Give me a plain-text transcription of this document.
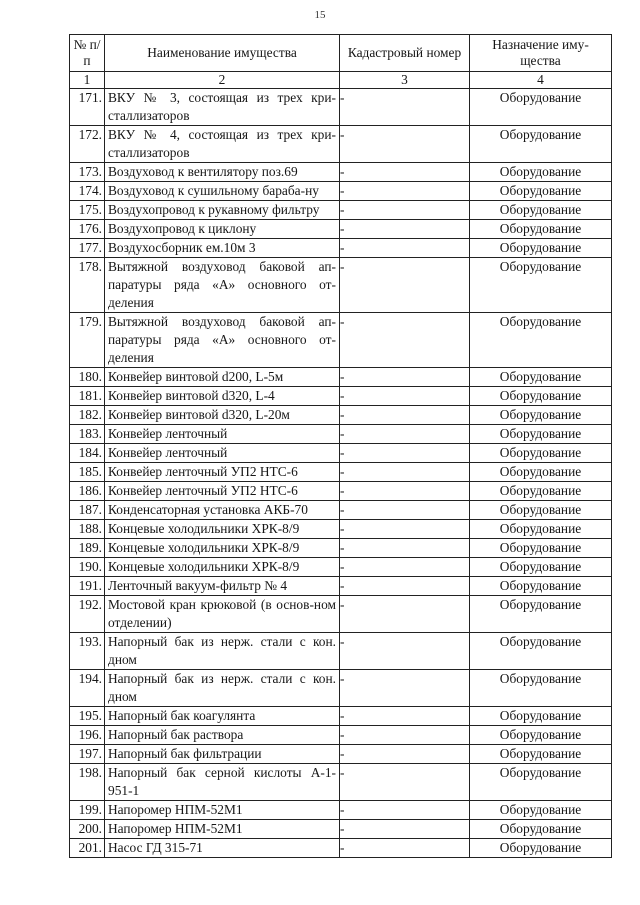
15
№ п/п	Наименование имущества	Кадастровый номер	Назначение иму-щества
1	2	3	4
171.	ВКУ № 3, состоящая из трех кри-сталлизаторов	-	Оборудование
172.	ВКУ № 4, состоящая из трех кри-сталлизаторов	-	Оборудование
173.	Воздуховод к вентилятору поз.69	-	Оборудование
174.	Воздуховод к сушильному бараба-ну	-	Оборудование
175.	Воздухопровод к рукавному фильтру	-	Оборудование
176.	Воздухопровод к циклону	-	Оборудование
177.	Воздухосборник ем.10м 3	-	Оборудование
178.	Вытяжной воздуховод баковой ап-паратуры ряда «А» основного от-деления	-	Оборудование
179.	Вытяжной воздуховод баковой ап-паратуры ряда «А» основного от-деления	-	Оборудование
180.	Конвейер винтовой d200, L-5м	-	Оборудование
181.	Конвейер винтовой d320, L-4	-	Оборудование
182.	Конвейер винтовой d320, L-20м	-	Оборудование
183.	Конвейер ленточный	-	Оборудование
184.	Конвейер ленточный	-	Оборудование
185.	Конвейер ленточный УП2 НТС-6	-	Оборудование
186.	Конвейер ленточный УП2 НТС-6	-	Оборудование
187.	Конденсаторная установка АКБ-70	-	Оборудование
188.	Концевые холодильники ХРК-8/9	-	Оборудование
189.	Концевые холодильники ХРК-8/9	-	Оборудование
190.	Концевые холодильники ХРК-8/9	-	Оборудование
191.	Ленточный вакуум-фильтр № 4	-	Оборудование
192.	Мостовой кран крюковой (в основ-ном отделении)	-	Оборудование
193.	Напорный бак из нерж. стали с кон. дном	-	Оборудование
194.	Напорный бак из нерж. стали с кон. дном	-	Оборудование
195.	Напорный бак коагулянта	-	Оборудование
196.	Напорный бак раствора	-	Оборудование
197.	Напорный бак фильтрации	-	Оборудование
198.	Напорный бак серной кислоты А-1-951-1	-	Оборудование
199.	Напоромер НПМ-52М1	-	Оборудование
200.	Напоромер НПМ-52М1	-	Оборудование
201.	Насос ГД 315-71	-	Оборудование
